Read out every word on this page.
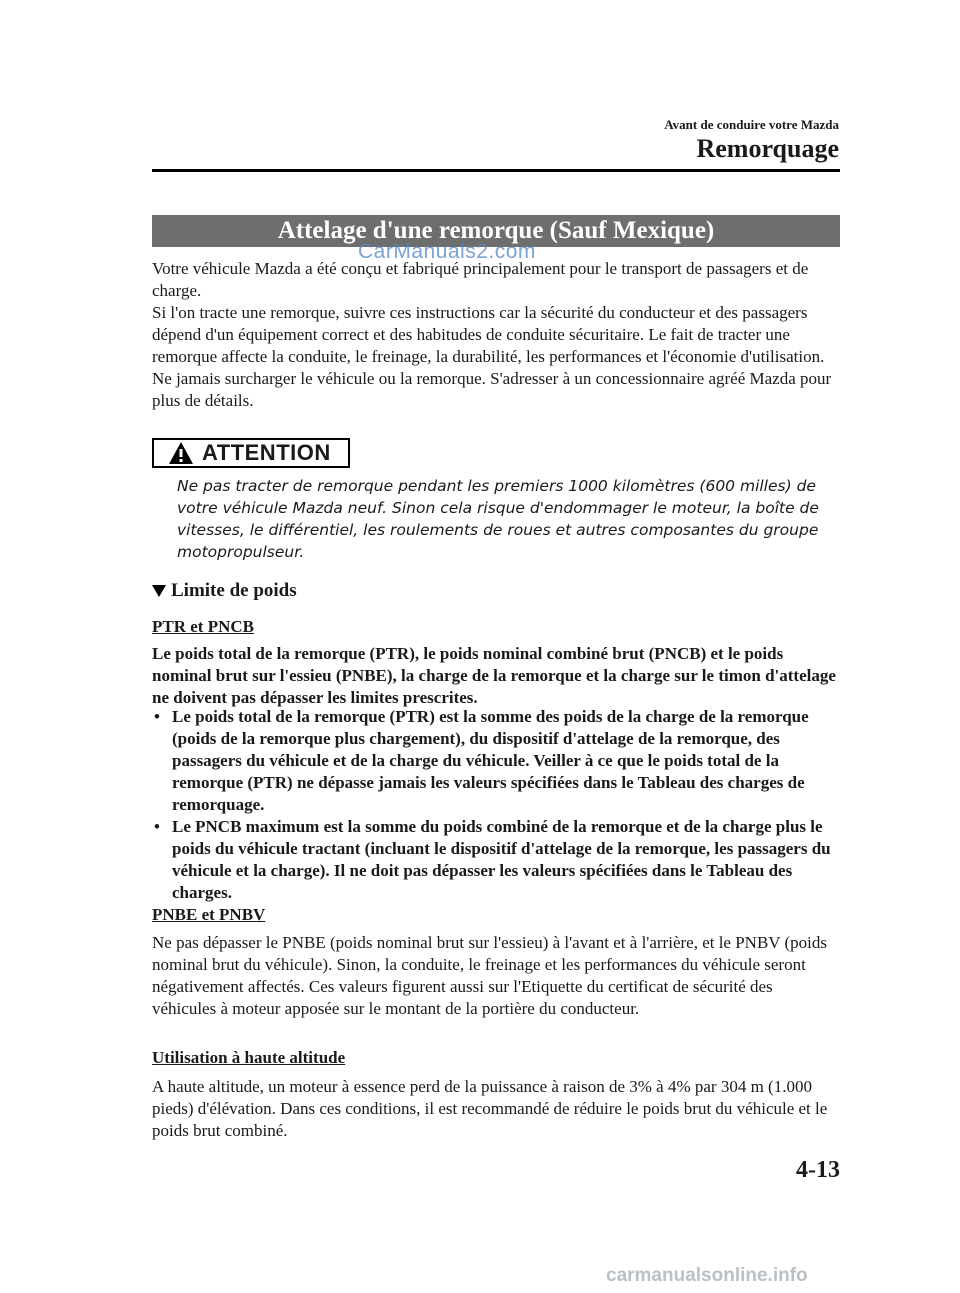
Avant de conduire votre Mazda
Remorquage
Attelage d'une remorque (Sauf Mexique)
CarManuals2.com

Votre véhicule Mazda a été conçu et fabriqué principalement pour le transport de passagers et de charge.

Si l'on tracte une remorque, suivre ces instructions car la sécurité du conducteur et des passagers dépend d'un équipement correct et des habitudes de conduite sécuritaire. Le fait de tracter une remorque affecte la conduite, le freinage, la durabilité, les performances et l'économie d'utilisation.

Ne jamais surcharger le véhicule ou la remorque. S'adresser à un concessionnaire agréé Mazda pour plus de détails.

ATTENTION
Ne pas tracter de remorque pendant les premiers 1000 kilomètres (600 milles) de votre véhicule Mazda neuf. Sinon cela risque d'endommager le moteur, la boîte de vitesses, le différentiel, les roulements de roues et autres composantes du groupe motopropulseur.
Limite de poids
PTR et PNCB
Le poids total de la remorque (PTR), le poids nominal combiné brut (PNCB) et le poids nominal brut sur l'essieu (PNBE), la charge de la remorque et la charge sur le timon d'attelage ne doivent pas dépasser les limites prescrites.
• Le poids total de la remorque (PTR) est la somme des poids de la charge de la remorque (poids de la remorque plus chargement), du dispositif d'attelage de la remorque, des passagers du véhicule et de la charge du véhicule. Veiller à ce que le poids total de la remorque (PTR) ne dépasse jamais les valeurs spécifiées dans le Tableau des charges de remorquage.
• Le PNCB maximum est la somme du poids combiné de la remorque et de la charge plus le poids du véhicule tractant (incluant le dispositif d'attelage de la remorque, les passagers du véhicule et la charge). Il ne doit pas dépasser les valeurs spécifiées dans le Tableau des charges.
PNBE et PNBV
Ne pas dépasser le PNBE (poids nominal brut sur l'essieu) à l'avant et à l'arrière, et le PNBV (poids nominal brut du véhicule). Sinon, la conduite, le freinage et les performances du véhicule seront négativement affectés. Ces valeurs figurent aussi sur l'Etiquette du certificat de sécurité des véhicules à moteur apposée sur le montant de la portière du conducteur.
Utilisation à haute altitude
A haute altitude, un moteur à essence perd de la puissance à raison de 3% à 4% par 304 m (1.000 pieds) d'élévation. Dans ces conditions, il est recommandé de réduire le poids brut du véhicule et le poids brut combiné.
4-13
carmanualsonline.info
